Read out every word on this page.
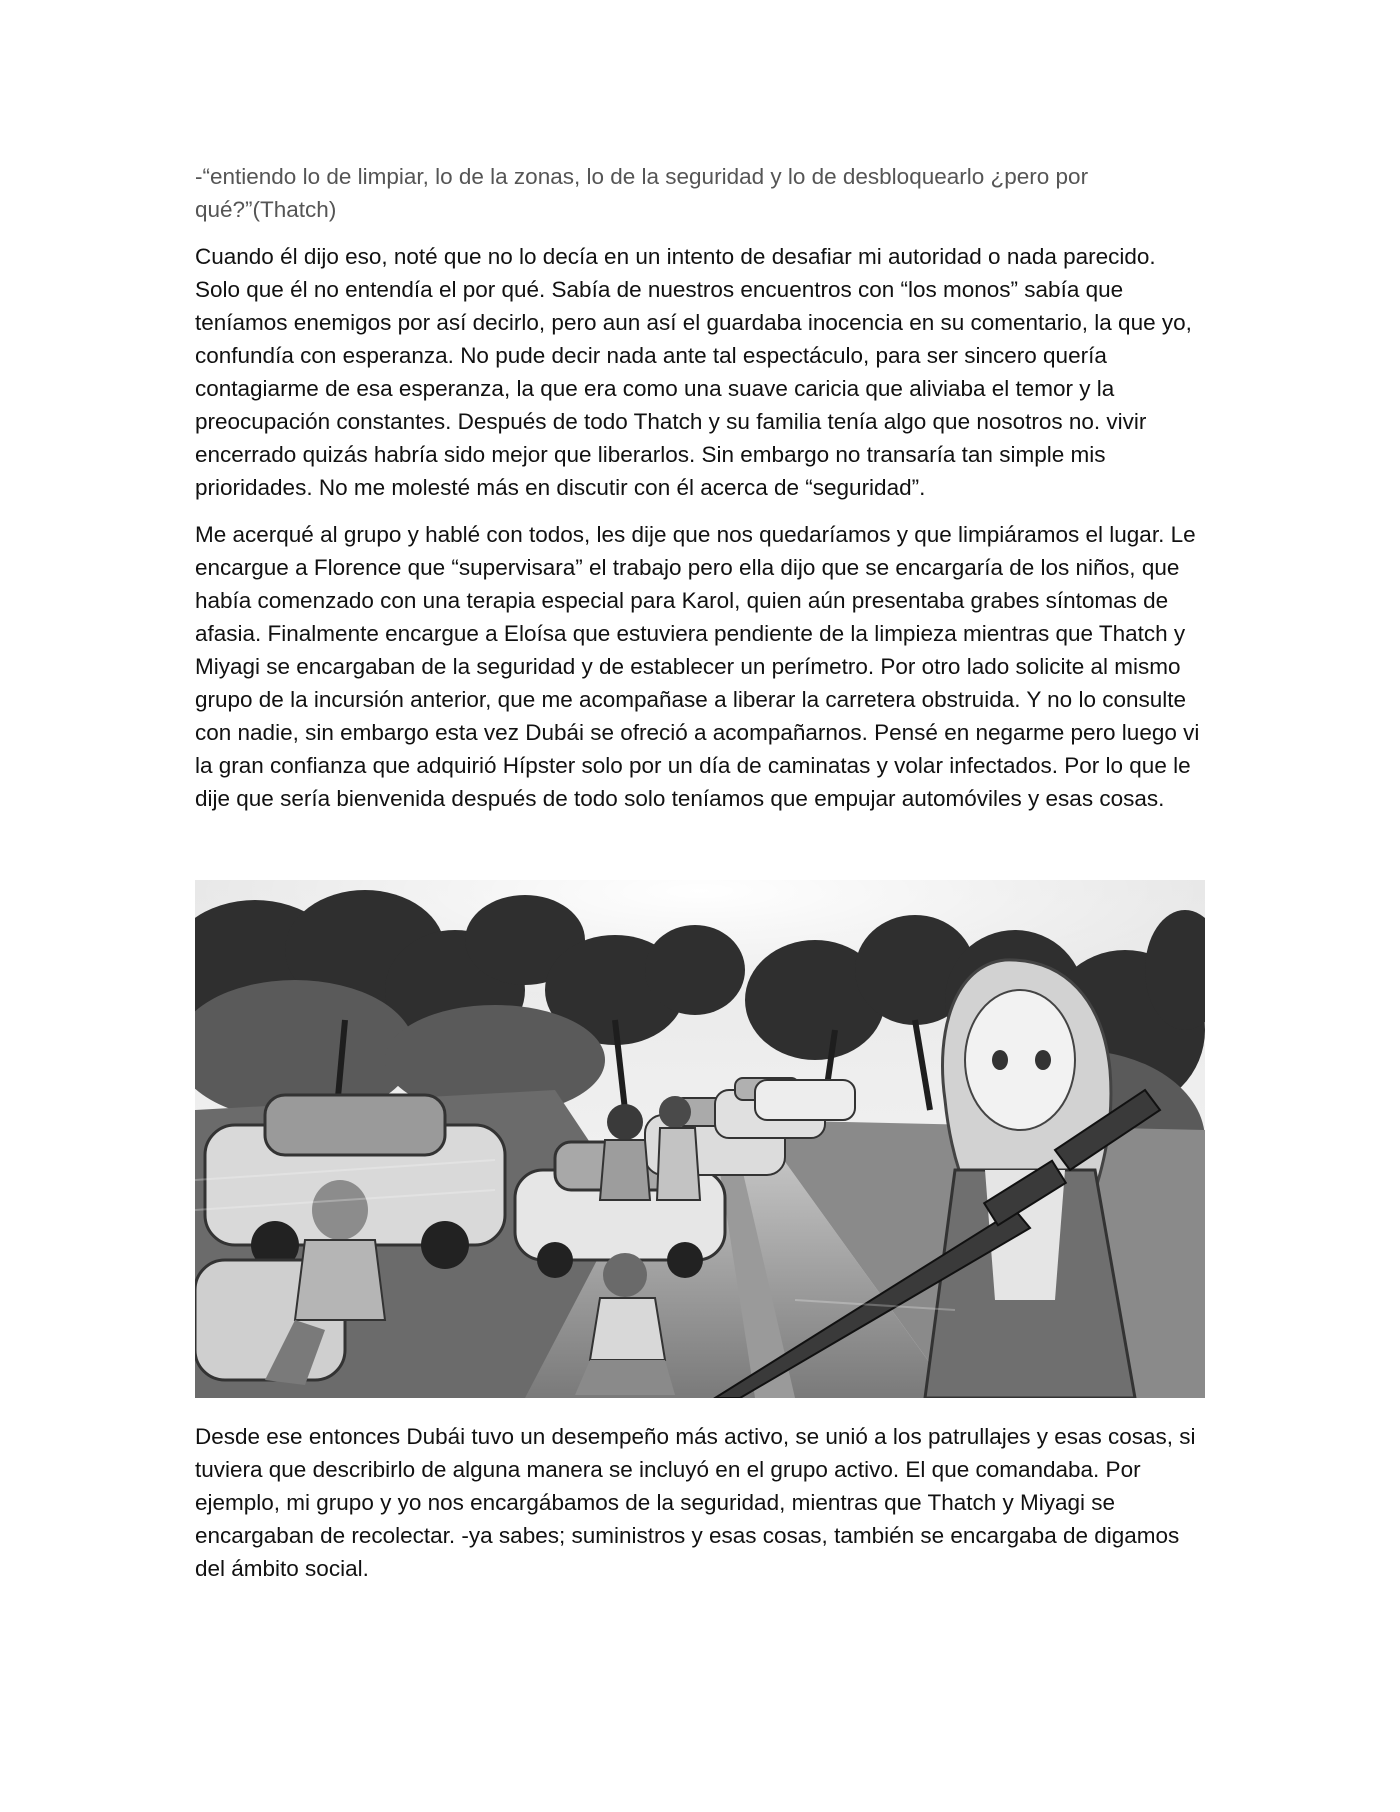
-“entiendo lo de limpiar, lo de la zonas, lo de la seguridad y lo de desbloquearlo ¿pero por qué?”(Thatch)

Cuando él dijo eso, noté que no lo decía en un intento de desafiar mi autoridad o nada parecido. Solo que él no entendía el por qué. Sabía de nuestros encuentros con “los monos” sabía que teníamos enemigos por así decirlo, pero aun así el guardaba inocencia en su comentario, la que yo, confundía con esperanza. No pude decir nada ante tal espectáculo, para ser sincero quería contagiarme de esa esperanza, la que era como una suave caricia que aliviaba el temor y la preocupación constantes. Después de todo Thatch y su familia tenía algo que nosotros no. vivir encerrado quizás habría sido mejor que liberarlos. Sin embargo no transaría tan simple mis prioridades. No me molesté más en discutir con él acerca de “seguridad”.

Me acerqué al grupo y hablé con todos, les dije que nos quedaríamos y que limpiáramos el lugar. Le encargue a Florence que “supervisara” el trabajo pero ella dijo que se encargaría de los niños, que había comenzado con una terapia especial para Karol, quien aún presentaba grabes síntomas de afasia. Finalmente encargue a Eloísa que estuviera pendiente de la limpieza mientras que Thatch y Miyagi se encargaban de la seguridad y de establecer un perímetro. Por otro lado solicite al mismo grupo de la incursión anterior, que me acompañase a liberar la carretera obstruida. Y no lo consulte con nadie, sin embargo esta vez Dubái se ofreció a acompañarnos. Pensé en negarme pero luego vi la gran confianza que adquirió Hípster solo por un día de caminatas y volar infectados. Por lo que le dije que sería bienvenida después de todo solo teníamos que empujar automóviles y esas cosas.

Desde ese entonces Dubái tuvo un desempeño más activo, se unió a los patrullajes y esas cosas, si tuviera que describirlo de alguna manera se incluyó en el grupo activo. El que comandaba. Por ejemplo, mi grupo y yo nos encargábamos de la seguridad, mientras que Thatch y Miyagi se encargaban de recolectar. -ya sabes; suministros y esas cosas, también se encargaba de digamos del ámbito social.
